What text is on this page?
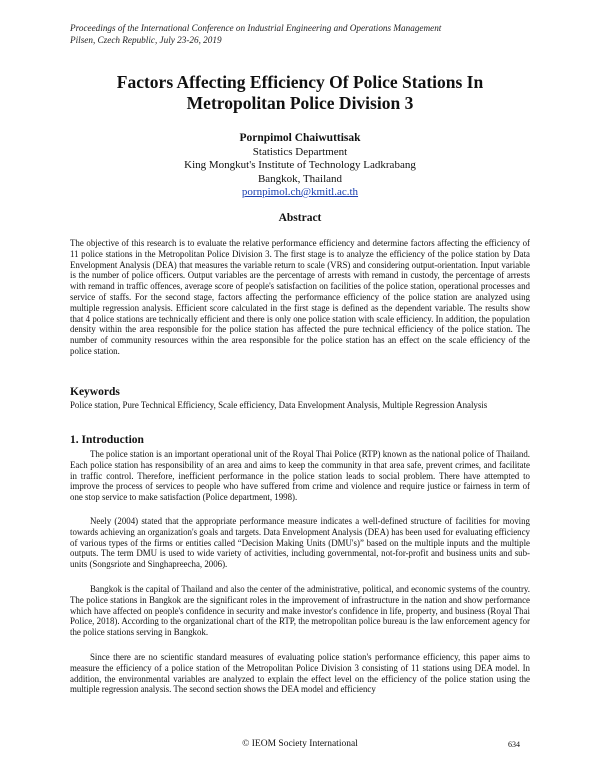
Proceedings of the International Conference on Industrial Engineering and Operations Management
Pilsen, Czech Republic, July 23-26, 2019
Factors Affecting Efficiency Of Police Stations In
Metropolitan Police Division 3
Pornpimol Chaiwuttisak
Statistics Department
King Mongkut's Institute of Technology Ladkrabang
Bangkok, Thailand
pornpimol.ch@kmitl.ac.th
Abstract
The objective of this research is to evaluate the relative performance efficiency and determine factors affecting the efficiency of 11 police stations in the Metropolitan Police Division 3. The first stage is to analyze the efficiency of the police station by Data Envelopment Analysis (DEA) that measures the variable return to scale (VRS) and considering output-orientation. Input variable is the number of police officers. Output variables are the percentage of arrests with remand in custody, the percentage of arrests with remand in traffic offences, average score of people's satisfaction on facilities of the police station, operational processes and service of staffs. For the second stage, factors affecting the performance efficiency of the police station are analyzed using multiple regression analysis. Efficient score calculated in the first stage is defined as the dependent variable. The results show that 4 police stations are technically efficient and there is only one police station with scale efficiency. In addition, the population density within the area responsible for the police station has affected the pure technical efficiency of the police station. The number of community resources within the area responsible for the police station has an effect on the scale efficiency of the police station.
Keywords
Police station, Pure Technical Efficiency, Scale efficiency, Data Envelopment Analysis, Multiple Regression Analysis
1. Introduction
The police station is an important operational unit of the Royal Thai Police (RTP) known as the national police of Thailand. Each police station has responsibility of an area and aims to keep the community in that area safe, prevent crimes, and facilitate in traffic control. Therefore, inefficient performance in the police station leads to social problem. There have attempted to improve the process of services to people who have suffered from crime and violence and require justice or fairness in term of one stop service to make satisfaction (Police department, 1998).
Neely (2004) stated that the appropriate performance measure indicates a well-defined structure of facilities for moving towards achieving an organization's goals and targets. Data Envelopment Analysis (DEA) has been used for evaluating efficiency of various types of the firms or entities called “Decision Making Units (DMU's)” based on the multiple inputs and the multiple outputs. The term DMU is used to wide variety of activities, including governmental, not-for-profit and business units and sub-units (Songsriote and Singhapreecha, 2006).
Bangkok is the capital of Thailand and also the center of the administrative, political, and economic systems of the country. The police stations in Bangkok are the significant roles in the improvement of infrastructure in the nation and show performance which have affected on people's confidence in security and make investor's confidence in life, property, and business (Royal Thai Police, 2018). According to the organizational chart of the RTP, the metropolitan police bureau is the law enforcement agency for the police stations serving in Bangkok.
Since there are no scientific standard measures of evaluating police station's performance efficiency, this paper aims to measure the efficiency of a police station of the Metropolitan Police Division 3 consisting of 11 stations using DEA model. In addition, the environmental variables are analyzed to explain the effect level on the efficiency of the police station using the multiple regression analysis. The second section shows the DEA model and efficiency
© IEOM Society International	634
